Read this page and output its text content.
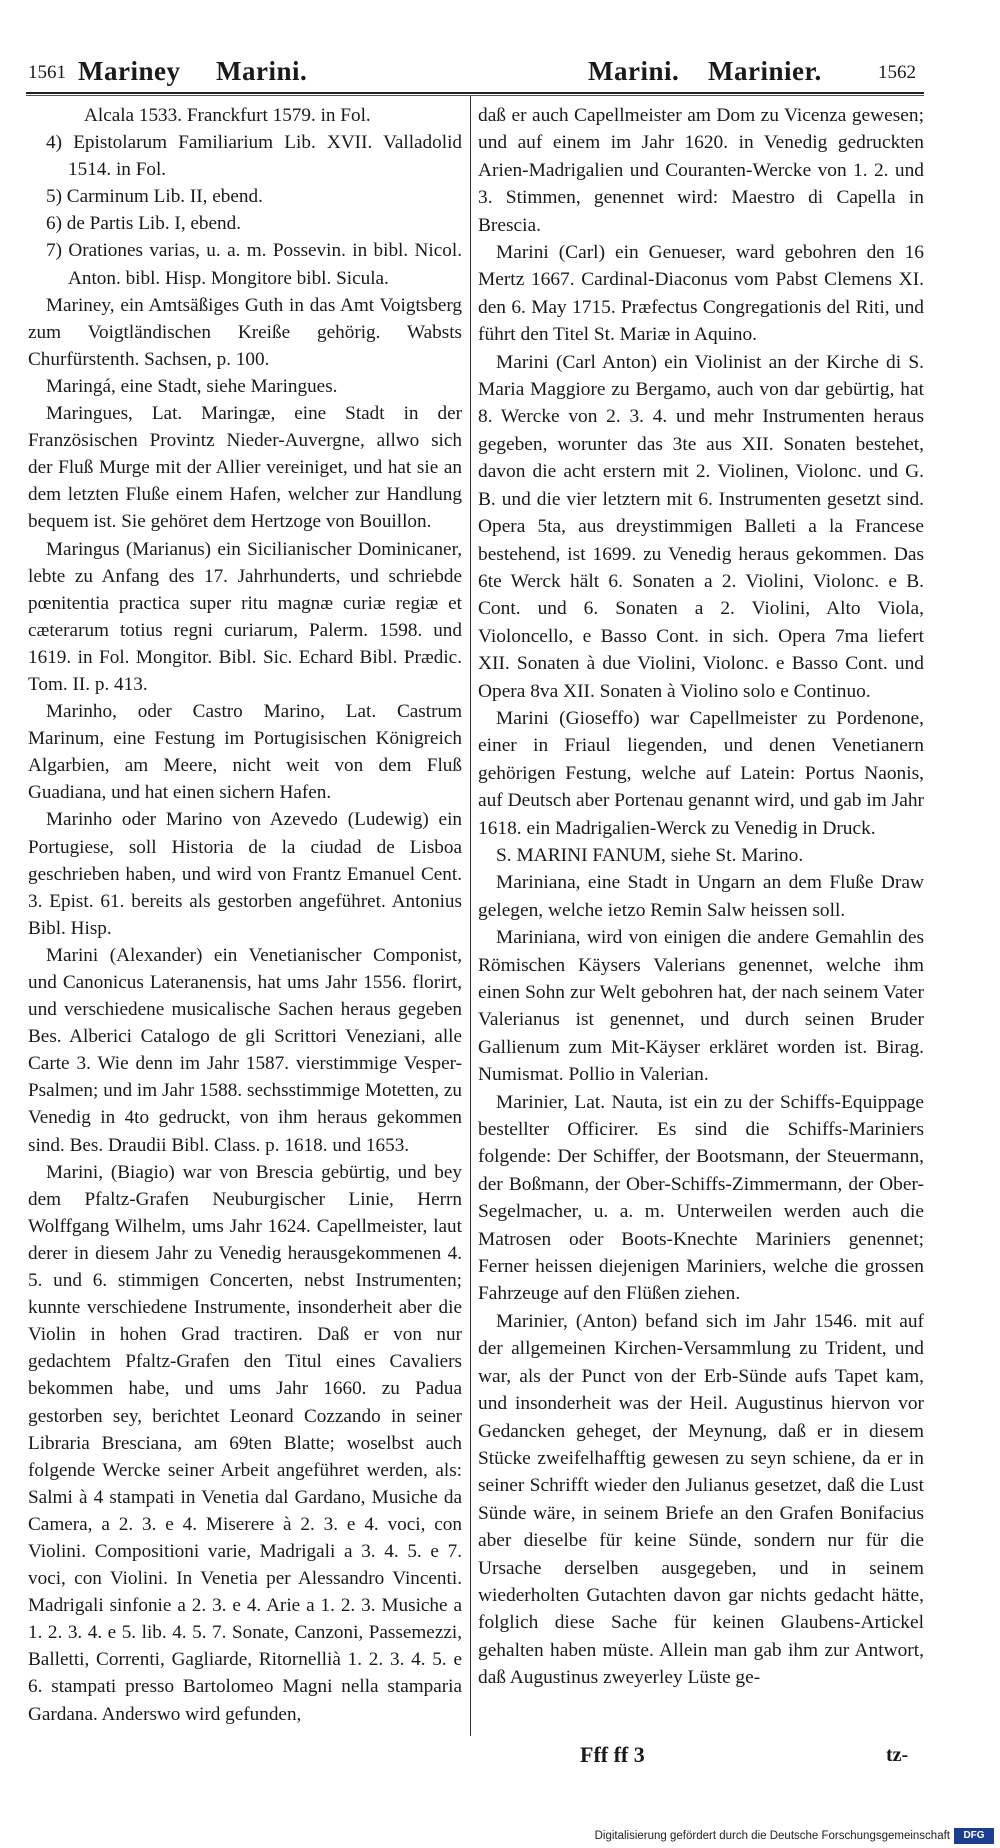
1561 Mariney Marini.	Marini. Marinier.	1562

Alcala 1533. Franckfurt 1579. in Fol.

4) Epistolarum Familiarium Lib. XVII. Valladolid 1514. in Fol.

5) Carminum Lib. II, ebend.

6) de Partis Lib. I, ebend.

7) Orationes varias, u. a. m. Possevin. in bibl. Nicol. Anton. bibl. Hisp. Mongitore bibl. Sicula.

Mariney, ein Amtsäßiges Guth in das Amt Voigtsberg zum Voigtländischen Kreiße gehörig. Wabsts Churfürstenth. Sachsen, p. 100.

Maringá, eine Stadt, siehe Maringues.

Maringues, Lat. Maringæ, eine Stadt in der Französischen Provintz Nieder-Auvergne, allwo sich der Fluß Murge mit der Allier vereiniget, und hat sie an dem letzten Fluße einem Hafen, welcher zur Handlung bequem ist. Sie gehöret dem Hertzoge von Bouillon.

Maringus (Marianus) ein Sicilianischer Dominicaner, lebte zu Anfang des 17. Jahrhunderts, und schriebde pœnitentia practica super ritu magnæ curiæ regiæ et cæterarum totius regni curiarum, Palerm. 1598. und 1619. in Fol. Mongitor. Bibl. Sic. Echard Bibl. Prædic. Tom. II. p. 413.

Marinho, oder Castro Marino, Lat. Castrum Marinum, eine Festung im Portugisischen Königreich Algarbien, am Meere, nicht weit von dem Fluß Guadiana, und hat einen sichern Hafen.

Marinho oder Marino von Azevedo (Ludewig) ein Portugiese, soll Historia de la ciudad de Lisboa geschrieben haben, und wird von Frantz Emanuel Cent. 3. Epist. 61. bereits als gestorben angeführet. Antonius Bibl. Hisp.

Marini (Alexander) ein Venetianischer Componist, und Canonicus Lateranensis, hat ums Jahr 1556. florirt, und verschiedene musicalische Sachen heraus gegeben Bes. Alberici Catalogo de gli Scrittori Veneziani, alle Carte 3. Wie denn im Jahr 1587. vierstimmige Vesper-Psalmen; und im Jahr 1588. sechsstimmige Motetten, zu Venedig in 4to gedruckt, von ihm heraus gekommen sind. Bes. Draudii Bibl. Class. p. 1618. und 1653.

Marini, (Biagio) war von Brescia gebürtig, und bey dem Pfaltz-Grafen Neuburgischer Linie, Herrn Wolffgang Wilhelm, ums Jahr 1624. Capellmeister, laut derer in diesem Jahr zu Venedig herausgekommenen 4. 5. und 6. stimmigen Concerten, nebst Instrumenten; kunnte verschiedene Instrumente, insonderheit aber die Violin in hohen Grad tractiren. Daß er von nur gedachtem Pfaltz-Grafen den Titul eines Cavaliers bekommen habe, und ums Jahr 1660. zu Padua gestorben sey, berichtet Leonard Cozzando in seiner Libraria Bresciana, am 69ten Blatte; woselbst auch folgende Wercke seiner Arbeit angeführet werden, als: Salmi à 4 stampati in Venetia dal Gardano, Musiche da Camera, a 2. 3. e 4. Miserere à 2. 3. e 4. voci, con Violini. Compositioni varie, Madrigali a 3. 4. 5. e 7. voci, con Violini. In Venetia per Alessandro Vincenti. Madrigali sinfonie a 2. 3. e 4. Arie a 1. 2. 3. Musiche a 1. 2. 3. 4. e 5. lib. 4. 5. 7. Sonate, Canzoni, Passemezzi, Balletti, Correnti, Gagliarde, Ritornellià 1. 2. 3. 4. 5. e 6. stampati presso Bartolomeo Magni nella stamparia Gardana. Anderswo wird gefunden,

daß er auch Capellmeister am Dom zu Vicenza gewesen; und auf einem im Jahr 1620. in Venedig gedruckten Arien-Madrigalien und Couranten-Wercke von 1. 2. und 3. Stimmen, genennet wird: Maestro di Capella in Brescia.

Marini (Carl) ein Genueser, ward gebohren den 16 Mertz 1667. Cardinal-Diaconus vom Pabst Clemens XI. den 6. May 1715. Præfectus Congregationis del Riti, und führt den Titel St. Mariæ in Aquino.

Marini (Carl Anton) ein Violinist an der Kirche di S. Maria Maggiore zu Bergamo, auch von dar gebürtig, hat 8. Wercke von 2. 3. 4. und mehr Instrumenten heraus gegeben, worunter das 3te aus XII. Sonaten bestehet, davon die acht erstern mit 2. Violinen, Violonc. und G. B. und die vier letztern mit 6. Instrumenten gesetzt sind. Opera 5ta, aus dreystimmigen Balleti a la Francese bestehend, ist 1699. zu Venedig heraus gekommen. Das 6te Werck hält 6. Sonaten a 2. Violini, Violonc. e B. Cont. und 6. Sonaten a 2. Violini, Alto Viola, Violoncello, e Basso Cont. in sich. Opera 7ma liefert XII. Sonaten à due Violini, Violonc. e Basso Cont. und Opera 8va XII. Sonaten à Violino solo e Continuo.

Marini (Gioseffo) war Capellmeister zu Pordenone, einer in Friaul liegenden, und denen Venetianern gehörigen Festung, welche auf Latein: Portus Naonis, auf Deutsch aber Portenau genannt wird, und gab im Jahr 1618. ein Madrigalien-Werck zu Venedig in Druck.

S. MARINI FANUM, siehe St. Marino.

Mariniana, eine Stadt in Ungarn an dem Fluße Draw gelegen, welche ietzo Remin Salw heissen soll.

Mariniana, wird von einigen die andere Gemahlin des Römischen Käysers Valerians genennet, welche ihm einen Sohn zur Welt gebohren hat, der nach seinem Vater Valerianus ist genennet, und durch seinen Bruder Gallienum zum Mit-Käyser erkläret worden ist. Birag. Numismat. Pollio in Valerian.

Marinier, Lat. Nauta, ist ein zu der Schiffs-Equippage bestellter Officirer. Es sind die Schiffs-Mariniers folgende: Der Schiffer, der Bootsmann, der Steuermann, der Boßmann, der Ober-Schiffs-Zimmermann, der Ober-Segelmacher, u. a. m. Unterweilen werden auch die Matrosen oder Boots-Knechte Mariniers genennet; Ferner heissen diejenigen Mariniers, welche die grossen Fahrzeuge auf den Flüßen ziehen.

Marinier, (Anton) befand sich im Jahr 1546. mit auf der allgemeinen Kirchen-Versammlung zu Trident, und war, als der Punct von der Erb-Sünde aufs Tapet kam, und insonderheit was der Heil. Augustinus hiervon vor Gedancken geheget, der Meynung, daß er in diesem Stücke zweifelhafftig gewesen zu seyn schiene, da er in seiner Schrifft wieder den Julianus gesetzet, daß die Lust Sünde wäre, in seinem Briefe an den Grafen Bonifacius aber dieselbe für keine Sünde, sondern nur für die Ursache derselben ausgegeben, und in seinem wiederholten Gutachten davon gar nichts gedacht hätte, folglich diese Sache für keinen Glaubens-Artickel gehalten haben müste. Allein man gab ihm zur Antwort, daß Augustinus zweyerley Lüste ge-

Fff ff 3	tz-
Digitalisierung gefördert durch die Deutsche Forschungsgemeinschaft	DFG
